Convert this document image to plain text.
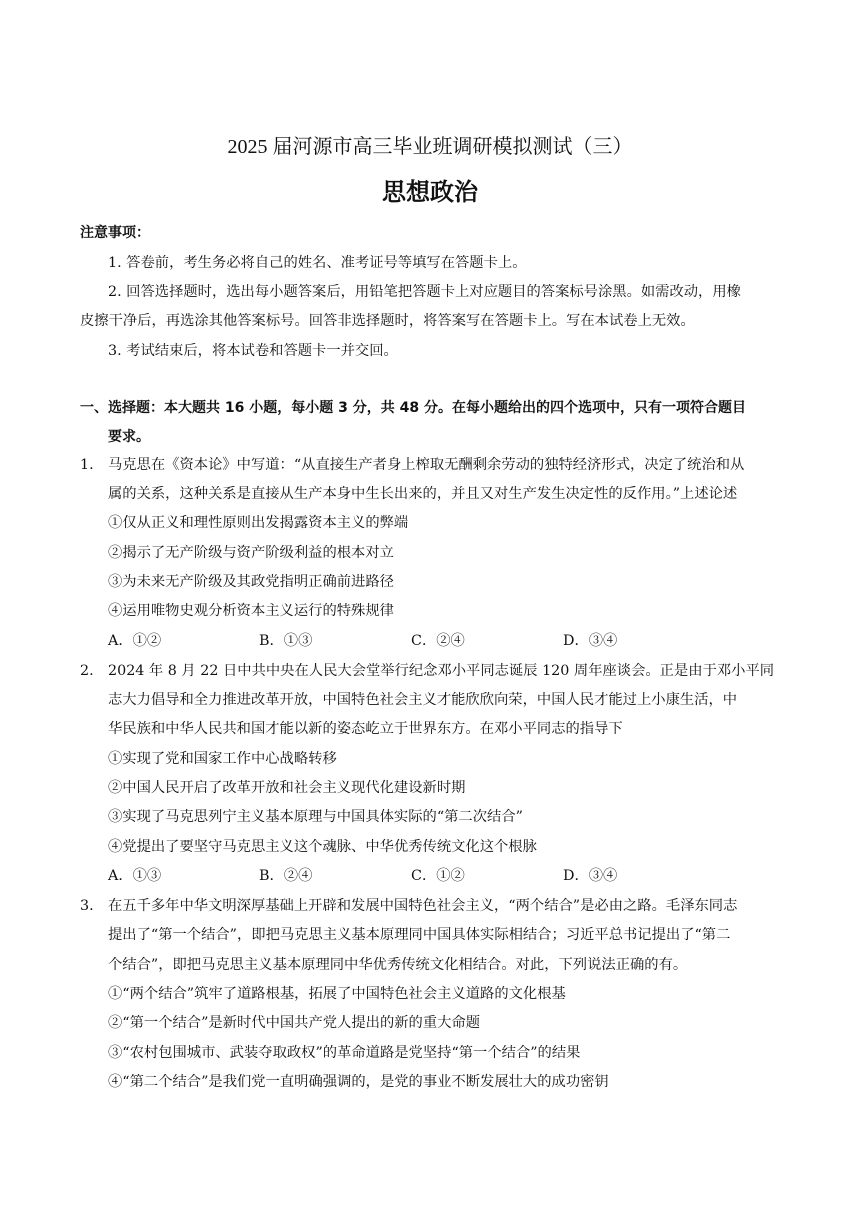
2025 届河源市高三毕业班调研模拟测试（三）
思想政治
注意事项：
1. 答卷前，考生务必将自己的姓名、准考证号等填写在答题卡上。
2. 回答选择题时，选出每小题答案后，用铅笔把答题卡上对应题目的答案标号涂黑。如需改动，用橡
皮擦干净后，再选涂其他答案标号。回答非选择题时，将答案写在答题卡上。写在本试卷上无效。
3. 考试结束后，将本试卷和答题卡一并交回。
一、选择题：本大题共 16 小题，每小题 3 分，共 48 分。在每小题给出的四个选项中，只有一项符合题目
要求。
1. 马克思在《资本论》中写道：“从直接生产者身上榨取无酬剩余劳动的独特经济形式，决定了统治和从
属的关系，这种关系是直接从生产本身中生长出来的，并且又对生产发生决定性的反作用。”上述论述
①仅从正义和理性原则出发揭露资本主义的弊端
②揭示了无产阶级与资产阶级利益的根本对立
③为未来无产阶级及其政党指明正确前进路径
④运用唯物史观分析资本主义运行的特殊规律
A．①②	B．①③	C．②④	D．③④
2. 2024 年 8 月 22 日中共中央在人民大会堂举行纪念邓小平同志诞辰 120 周年座谈会。正是由于邓小平同
志大力倡导和全力推进改革开放，中国特色社会主义才能欣欣向荣，中国人民才能过上小康生活，中
华民族和中华人民共和国才能以新的姿态屹立于世界东方。在邓小平同志的指导下
①实现了党和国家工作中心战略转移
②中国人民开启了改革开放和社会主义现代化建设新时期
③实现了马克思列宁主义基本原理与中国具体实际的“第二次结合”
④党提出了要坚守马克思主义这个魂脉、中华优秀传统文化这个根脉
A．①③	B．②④	C．①②	D．③④
3. 在五千多年中华文明深厚基础上开辟和发展中国特色社会主义，“两个结合”是必由之路。毛泽东同志
提出了“第一个结合”，即把马克思主义基本原理同中国具体实际相结合；习近平总书记提出了“第二
个结合”，即把马克思主义基本原理同中华优秀传统文化相结合。对此，下列说法正确的有。
①“两个结合”筑牢了道路根基，拓展了中国特色社会主义道路的文化根基
②“第一个结合”是新时代中国共产党人提出的新的重大命题
③“农村包围城市、武装夺取政权”的革命道路是党坚持“第一个结合”的结果
④“第二个结合”是我们党一直明确强调的，是党的事业不断发展壮大的成功密钥
